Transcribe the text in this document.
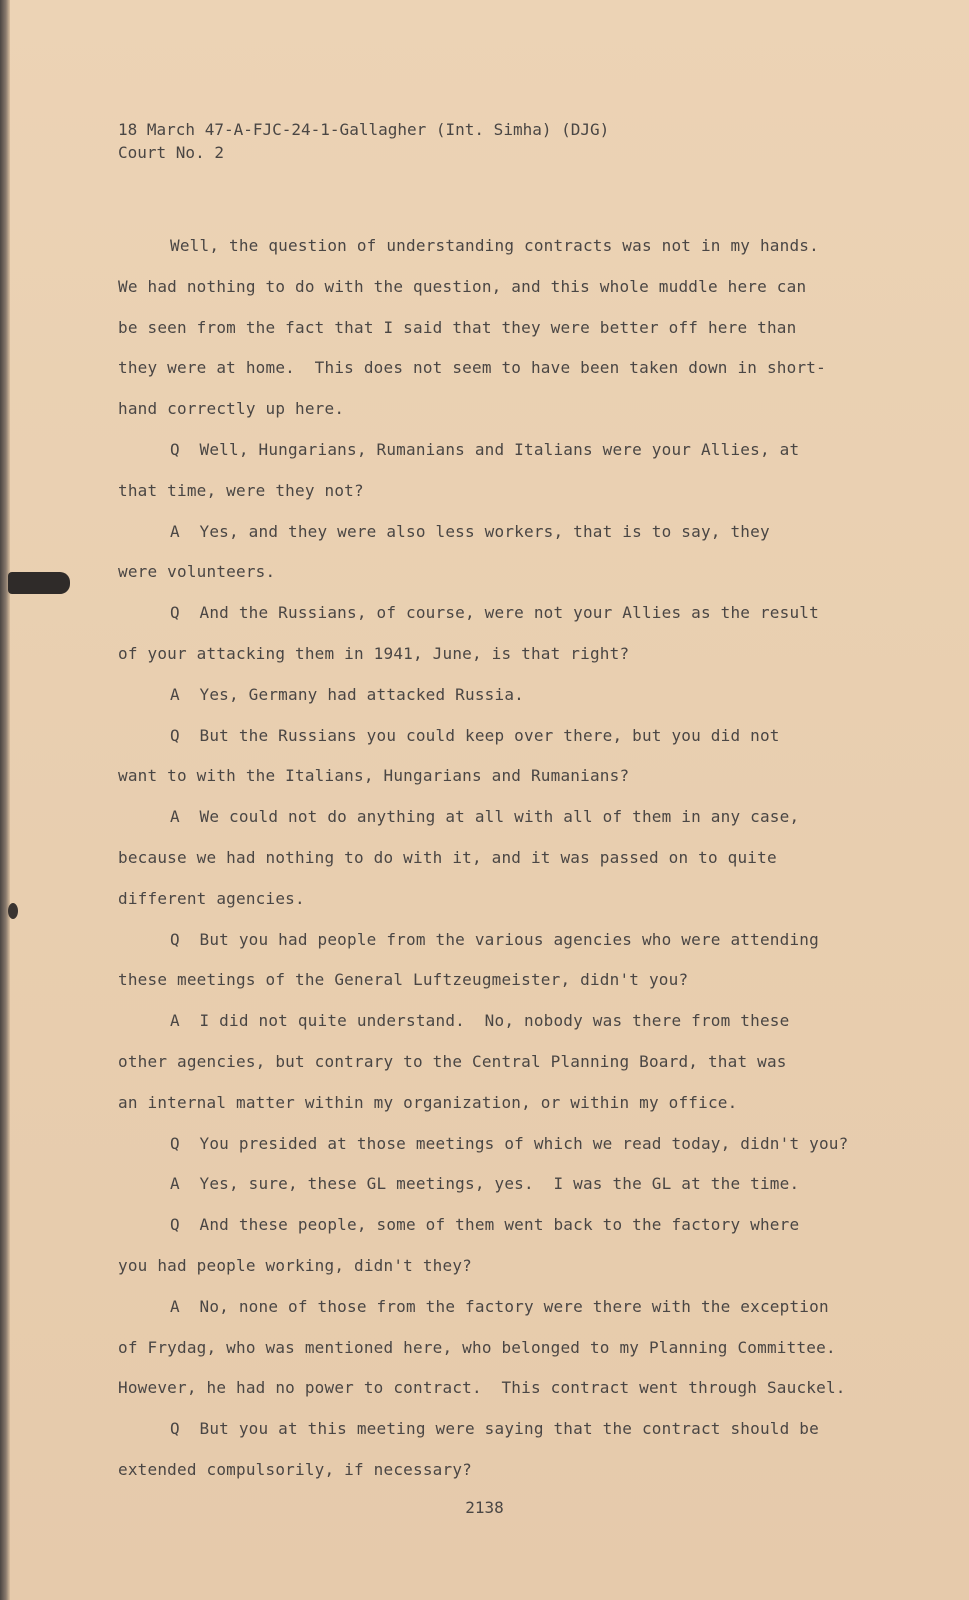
18 March 47-A-FJC-24-1-Gallagher (Int. Simha) (DJG)
Court No. 2
Well, the question of understanding contracts was not in my hands.
We had nothing to do with the question, and this whole muddle here can
be seen from the fact that I said that they were better off here than
they were at home.  This does not seem to have been taken down in short-
hand correctly up here.
Q  Well, Hungarians, Rumanians and Italians were your Allies, at
that time, were they not?
A  Yes, and they were also less workers, that is to say, they
were volunteers.
Q  And the Russians, of course, were not your Allies as the result
of your attacking them in 1941, June, is that right?
A  Yes, Germany had attacked Russia.
Q  But the Russians you could keep over there, but you did not
want to with the Italians, Hungarians and Rumanians?
A  We could not do anything at all with all of them in any case,
because we had nothing to do with it, and it was passed on to quite
different agencies.
Q  But you had people from the various agencies who were attending
these meetings of the General Luftzeugmeister, didn't you?
A  I did not quite understand.  No, nobody was there from these
other agencies, but contrary to the Central Planning Board, that was
an internal matter within my organization, or within my office.
Q  You presided at those meetings of which we read today, didn't you?
A  Yes, sure, these GL meetings, yes.  I was the GL at the time.
Q  And these people, some of them went back to the factory where
you had people working, didn't they?
A  No, none of those from the factory were there with the exception
of Frydag, who was mentioned here, who belonged to my Planning Committee.
However, he had no power to contract.  This contract went through Sauckel.
Q  But you at this meeting were saying that the contract should be
extended compulsorily, if necessary?
2138
